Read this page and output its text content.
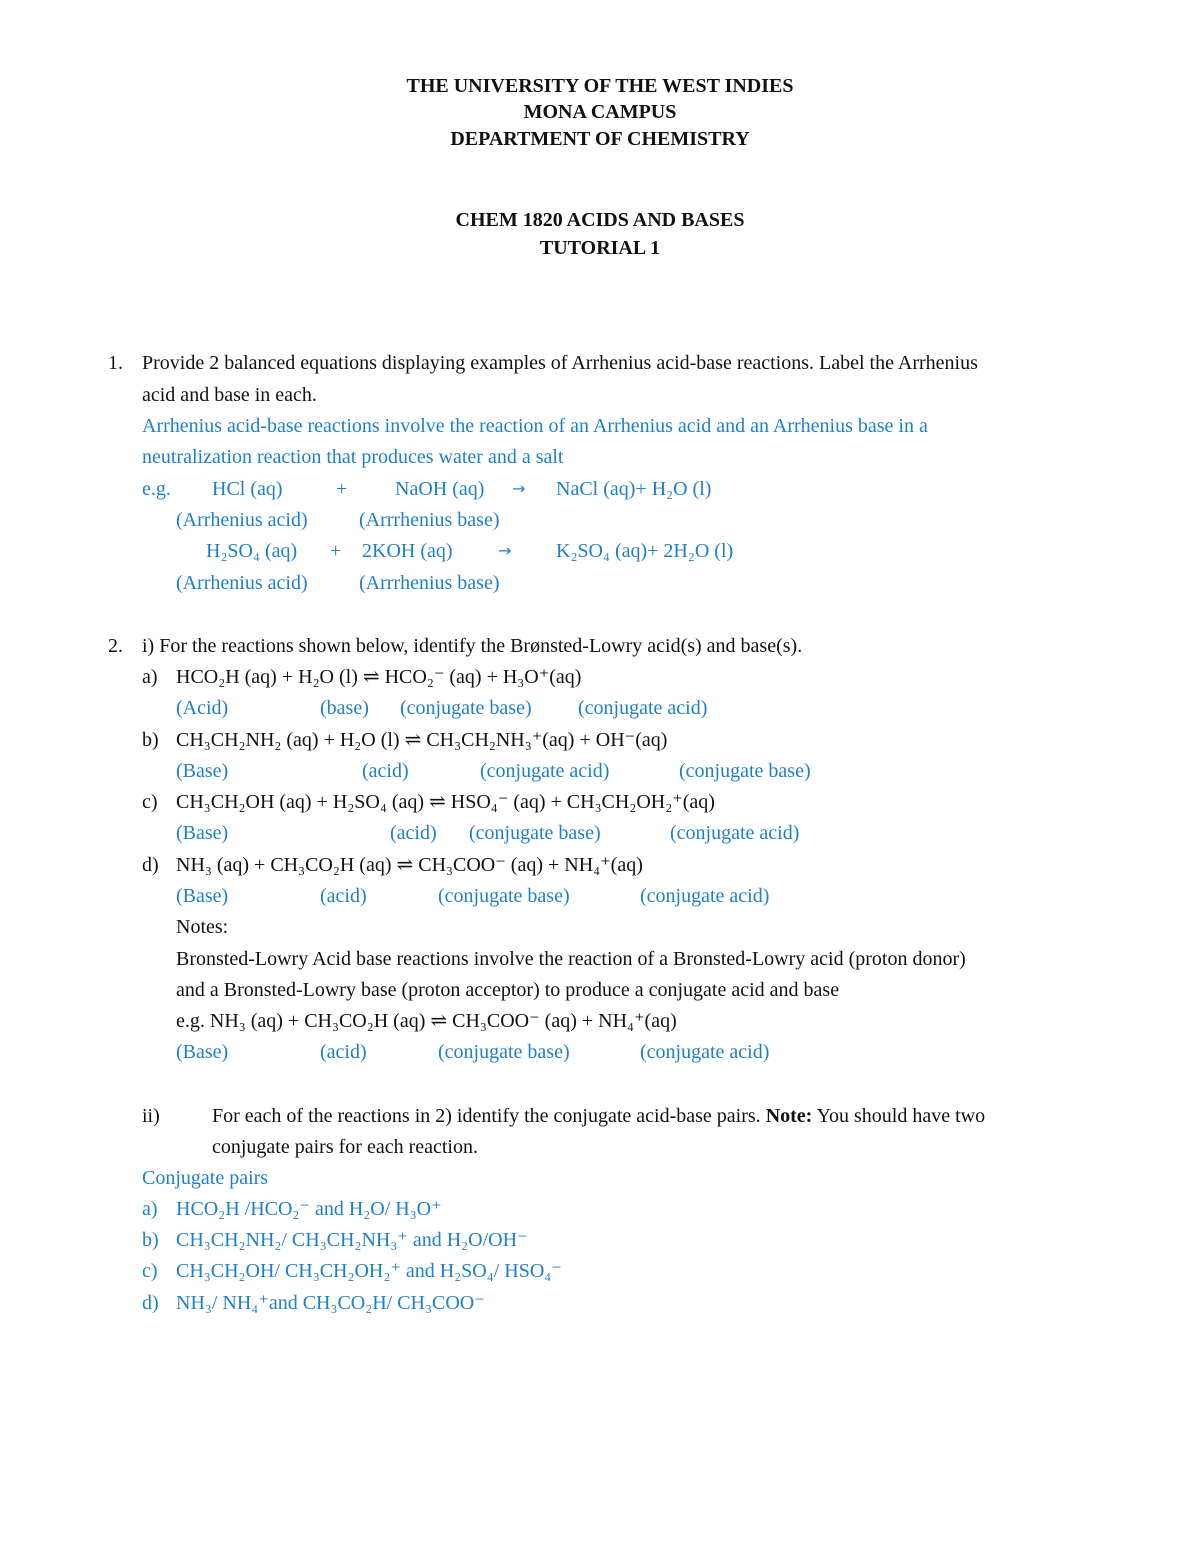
THE UNIVERSITY OF THE WEST INDIES
MONA CAMPUS
DEPARTMENT OF CHEMISTRY
CHEM 1820 ACIDS AND BASES
TUTORIAL 1
1. Provide 2 balanced equations displaying examples of Arrhenius acid-base reactions. Label the Arrhenius
acid and base in each.
Arrhenius acid-base reactions involve the reaction of an Arrhenius acid and an Arrhenius base in a
neutralization reaction that produces water and a salt
e.g. HCl (aq)	+ NaOH (aq) → NaCl (aq)+ H₂O (l)
(Arrhenius acid)	(Arrrhenius base)
H₂SO₄ (aq) + 2KOH (aq)	→ K₂SO₄ (aq)+ 2H₂O (l)
(Arrhenius acid)	(Arrrhenius base)
2. i) For the reactions shown below, identify the Brønsted-Lowry acid(s) and base(s).
a) HCO₂H (aq) + H₂O (l) ⇌ HCO₂⁻ (aq) + H₃O⁺(aq)
(Acid)	(base) (conjugate base) (conjugate acid)
b) CH₃CH₂NH₂ (aq) + H₂O (l) ⇌ CH₃CH₂NH₃⁺(aq) + OH⁻(aq)
(Base)	(acid)	(conjugate acid)	(conjugate base)
c) CH₃CH₂OH (aq) + H₂SO₄ (aq) ⇌ HSO₄⁻ (aq) + CH₃CH₂OH₂⁺(aq)
(Base)	(acid) (conjugate base)	(conjugate acid)
d) NH₃ (aq) + CH₃CO₂H (aq) ⇌ CH₃COO⁻ (aq) + NH₄⁺(aq)
(Base)	(acid)	(conjugate base)	(conjugate acid)
Notes:
Bronsted-Lowry Acid base reactions involve the reaction of a Bronsted-Lowry acid (proton donor)
and a Bronsted-Lowry base (proton acceptor) to produce a conjugate acid and base
e.g. NH₃ (aq) + CH₃CO₂H (aq) ⇌ CH₃COO⁻ (aq) + NH₄⁺(aq)
(Base)	(acid)	(conjugate base)	(conjugate acid)
ii)	For each of the reactions in 2) identify the conjugate acid-base pairs. Note: You should have two
conjugate pairs for each reaction.
Conjugate pairs
a) HCO₂H /HCO₂⁻ and H₂O/ H₃O⁺
b) CH₃CH₂NH₂/ CH₃CH₂NH₃⁺ and H₂O/OH⁻
c) CH₃CH₂OH/ CH₃CH₂OH₂⁺ and H₂SO₄/ HSO₄⁻
d) NH₃/ NH₄⁺and CH₃CO₂H/ CH₃COO⁻
